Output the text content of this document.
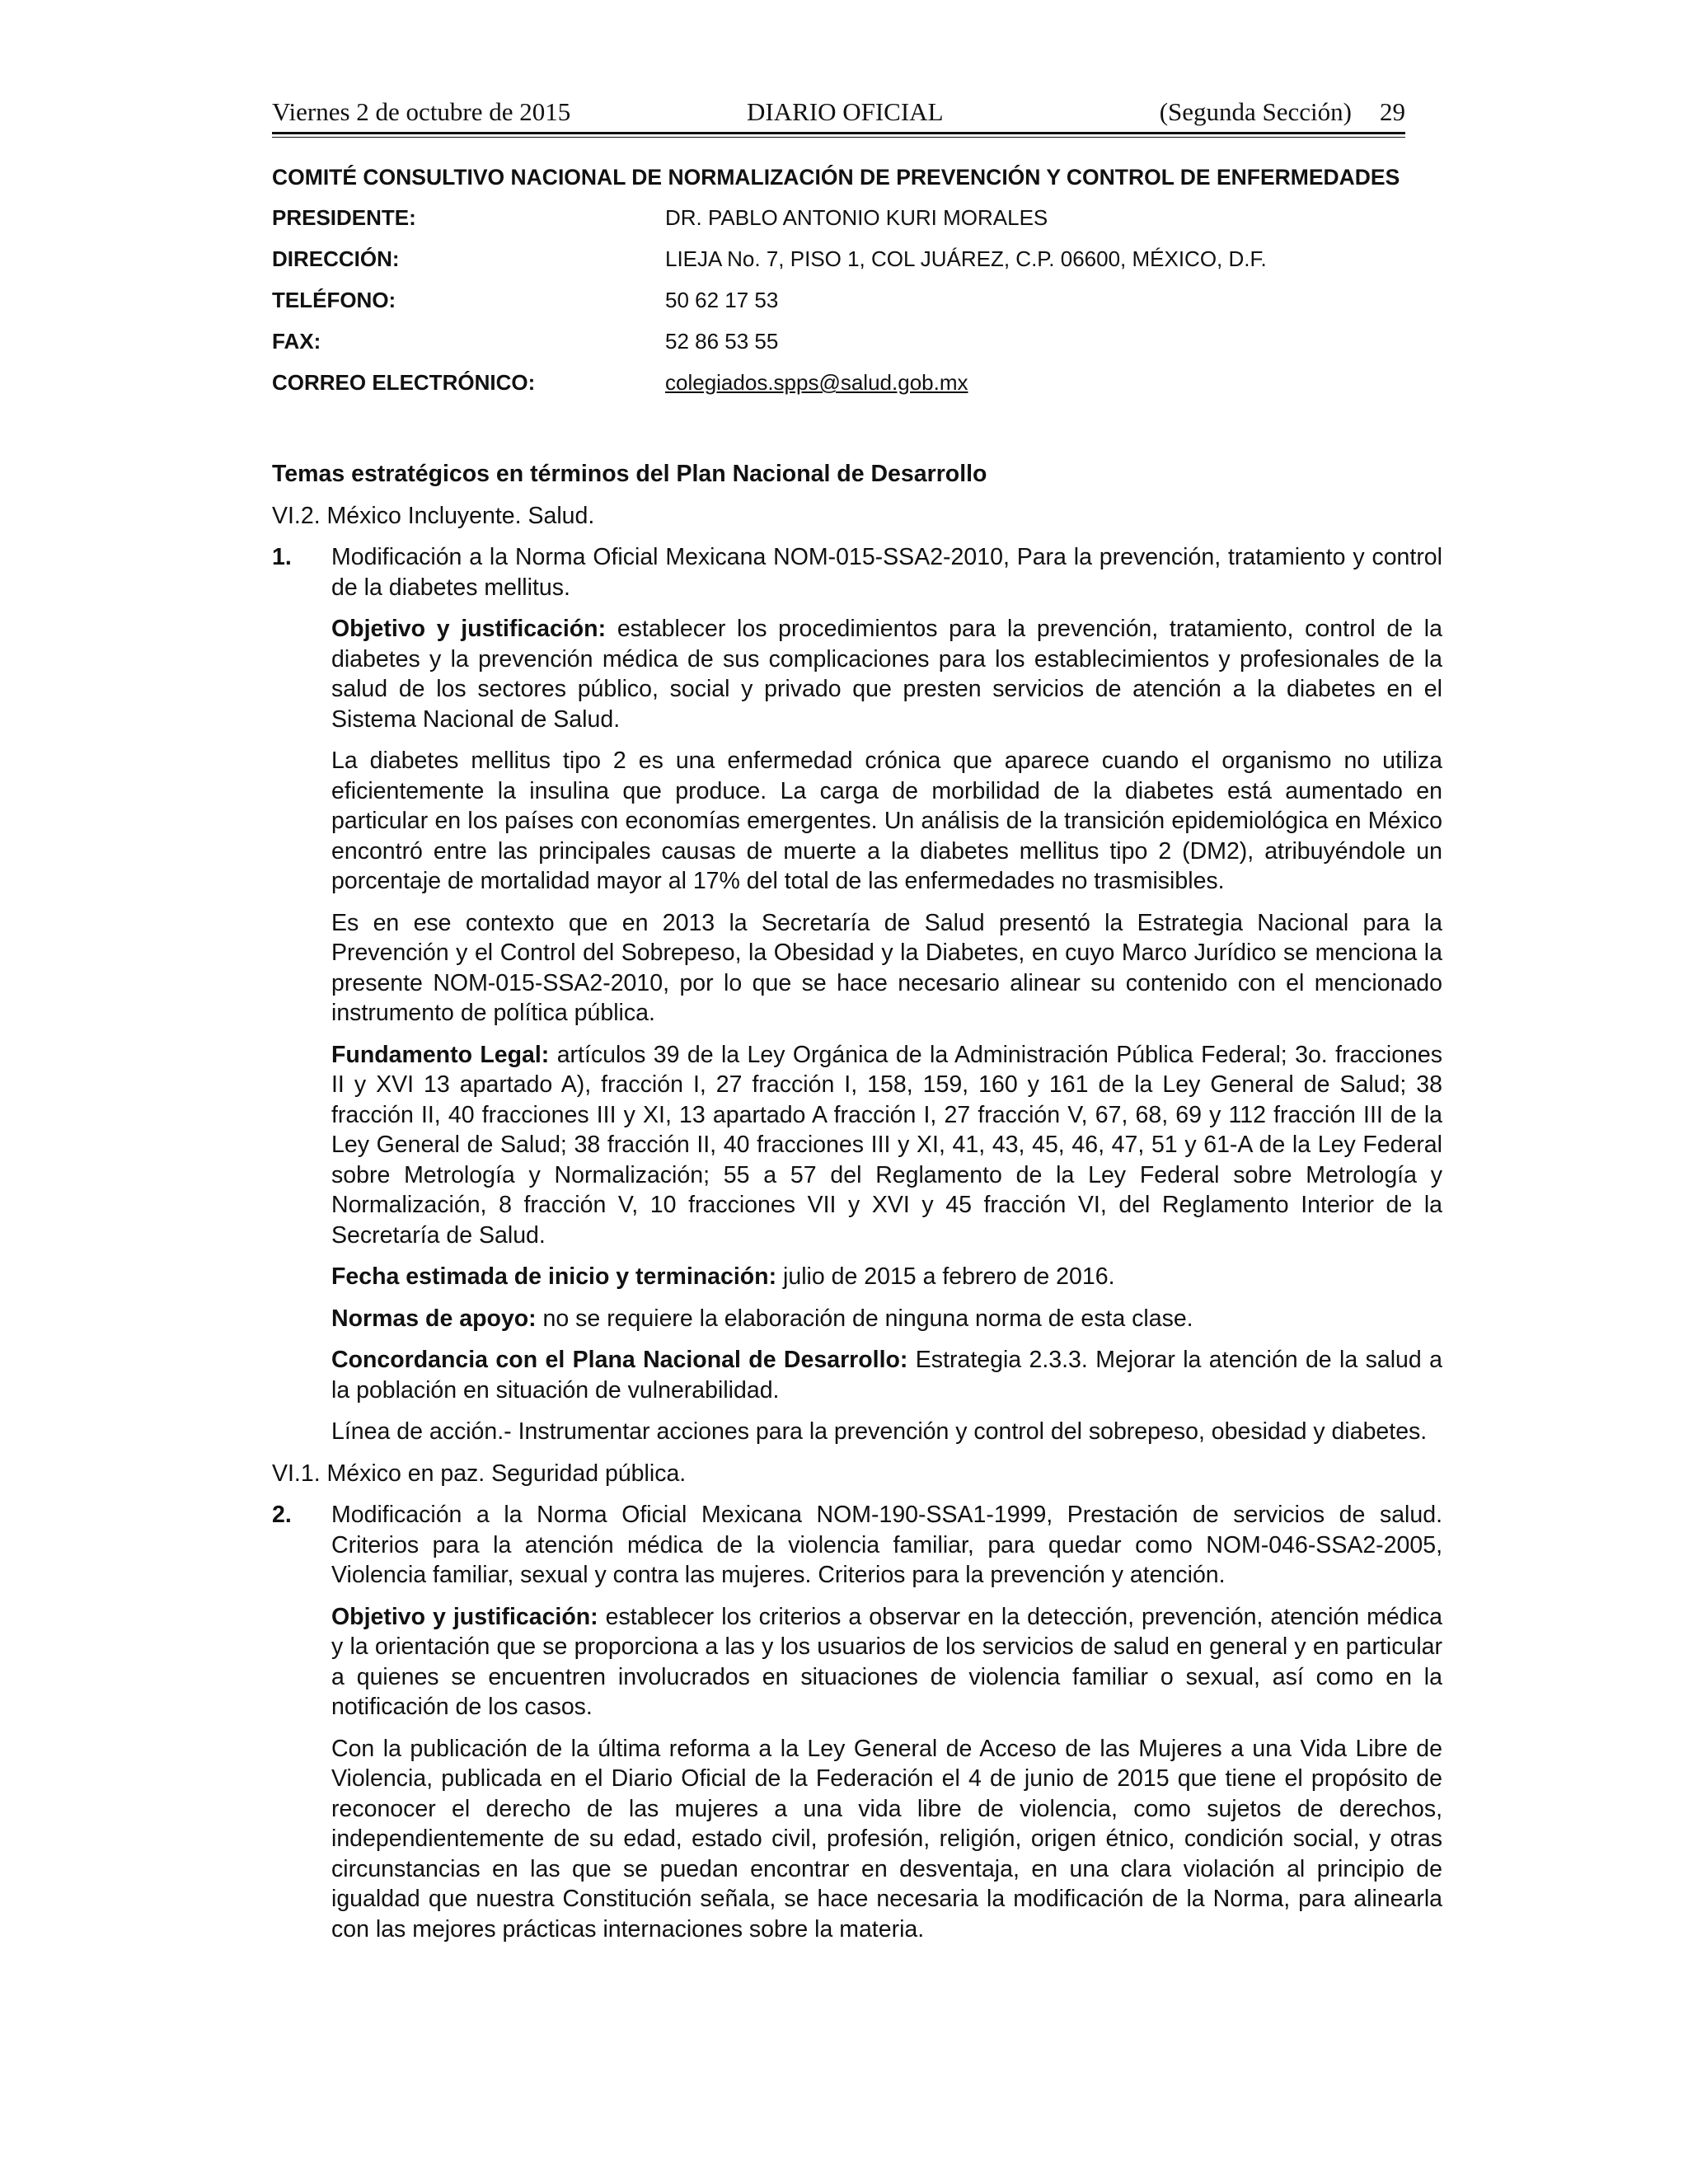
Viernes 2 de octubre de 2015	DIARIO OFICIAL	(Segunda Sección) 29
COMITÉ CONSULTIVO NACIONAL DE NORMALIZACIÓN DE PREVENCIÓN Y CONTROL DE ENFERMEDADES
PRESIDENTE:	DR. PABLO ANTONIO KURI MORALES
DIRECCIÓN:	LIEJA No. 7, PISO 1, COL JUÁREZ, C.P. 06600, MÉXICO, D.F.
TELÉFONO:	50 62 17 53
FAX:	52 86 53 55
CORREO ELECTRÓNICO:	colegiados.spps@salud.gob.mx
Temas estratégicos en términos del Plan Nacional de Desarrollo
VI.2. México Incluyente. Salud.
1. Modificación a la Norma Oficial Mexicana NOM-015-SSA2-2010, Para la prevención, tratamiento y control de la diabetes mellitus.
Objetivo y justificación: establecer los procedimientos para la prevención, tratamiento, control de la diabetes y la prevención médica de sus complicaciones para los establecimientos y profesionales de la salud de los sectores público, social y privado que presten servicios de atención a la diabetes en el Sistema Nacional de Salud.
La diabetes mellitus tipo 2 es una enfermedad crónica que aparece cuando el organismo no utiliza eficientemente la insulina que produce. La carga de morbilidad de la diabetes está aumentado en particular en los países con economías emergentes. Un análisis de la transición epidemiológica en México encontró entre las principales causas de muerte a la diabetes mellitus tipo 2 (DM2), atribuyéndole un porcentaje de mortalidad mayor al 17% del total de las enfermedades no trasmisibles.
Es en ese contexto que en 2013 la Secretaría de Salud presentó la Estrategia Nacional para la Prevención y el Control del Sobrepeso, la Obesidad y la Diabetes, en cuyo Marco Jurídico se menciona la presente NOM-015-SSA2-2010, por lo que se hace necesario alinear su contenido con el mencionado instrumento de política pública.
Fundamento Legal: artículos 39 de la Ley Orgánica de la Administración Pública Federal; 3o. fracciones II y XVI 13 apartado A), fracción I, 27 fracción I, 158, 159, 160 y 161 de la Ley General de Salud; 38 fracción II, 40 fracciones III y XI, 13 apartado A fracción I, 27 fracción V, 67, 68, 69 y 112 fracción III de la Ley General de Salud; 38 fracción II, 40 fracciones III y XI, 41, 43, 45, 46, 47, 51 y 61-A de la Ley Federal sobre Metrología y Normalización; 55 a 57 del Reglamento de la Ley Federal sobre Metrología y Normalización, 8 fracción V, 10 fracciones VII y XVI y 45 fracción VI, del Reglamento Interior de la Secretaría de Salud.
Fecha estimada de inicio y terminación: julio de 2015 a febrero de 2016.
Normas de apoyo: no se requiere la elaboración de ninguna norma de esta clase.
Concordancia con el Plana Nacional de Desarrollo: Estrategia 2.3.3. Mejorar la atención de la salud a la población en situación de vulnerabilidad.
Línea de acción.- Instrumentar acciones para la prevención y control del sobrepeso, obesidad y diabetes.
VI.1. México en paz. Seguridad pública.
2. Modificación a la Norma Oficial Mexicana NOM-190-SSA1-1999, Prestación de servicios de salud. Criterios para la atención médica de la violencia familiar, para quedar como NOM-046-SSA2-2005, Violencia familiar, sexual y contra las mujeres. Criterios para la prevención y atención.
Objetivo y justificación: establecer los criterios a observar en la detección, prevención, atención médica y la orientación que se proporciona a las y los usuarios de los servicios de salud en general y en particular a quienes se encuentren involucrados en situaciones de violencia familiar o sexual, así como en la notificación de los casos.
Con la publicación de la última reforma a la Ley General de Acceso de las Mujeres a una Vida Libre de Violencia, publicada en el Diario Oficial de la Federación el 4 de junio de 2015 que tiene el propósito de reconocer el derecho de las mujeres a una vida libre de violencia, como sujetos de derechos, independientemente de su edad, estado civil, profesión, religión, origen étnico, condición social, y otras circunstancias en las que se puedan encontrar en desventaja, en una clara violación al principio de igualdad que nuestra Constitución señala, se hace necesaria la modificación de la Norma, para alinearla con las mejores prácticas internaciones sobre la materia.
